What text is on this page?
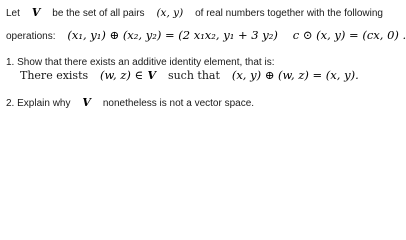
Let V be the set of all pairs (x, y) of real numbers together with the following
operations: (x₁, y₁) ⊕ (x₂, y₂) = (2 x₁x₂, y₁ + 3 y₂) c ⊙ (x, y) = (cx, 0) .
1. Show that there exists an additive identity element, that is:
There exists (w, z) ∈ V such that (x, y) ⊕ (w, z) = (x, y).
2. Explain why V nonetheless is not a vector space.
